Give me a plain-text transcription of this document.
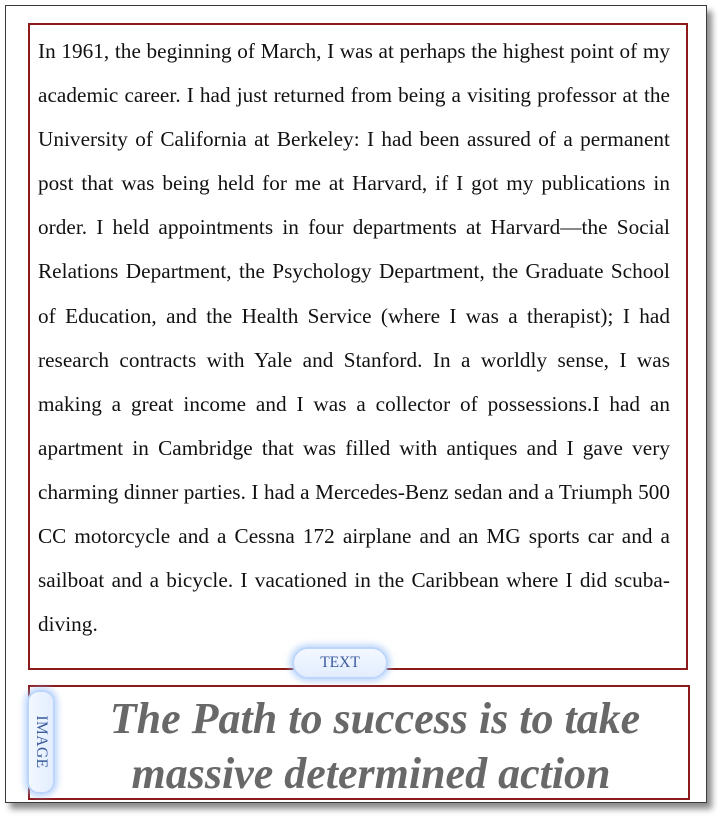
In 1961, the beginning of March, I was at perhaps the highest point of my academic career. I had just returned from being a visiting professor at the University of California at Berkeley: I had been assured of a permanent post that was being held for me at Harvard, if I got my publications in order. I held appointments in four departments at Harvard—the Social Relations Department, the Psychology Department, the Graduate School of Education, and the Health Service (where I was a therapist); I had research contracts with Yale and Stanford. In a worldly sense, I was making a great income and I was a collector of possessions.I had an apartment in Cambridge that was filled with antiques and I gave very charming dinner parties. I had a Mercedes-Benz sedan and a Triumph 500 CC motorcycle and a Cessna 172 airplane and an MG sports car and a sailboat and a bicycle. I vacationed in the Caribbean where I did scuba-diving.

TEXT
The Path to success is to take
massive determined action
IMAGE
